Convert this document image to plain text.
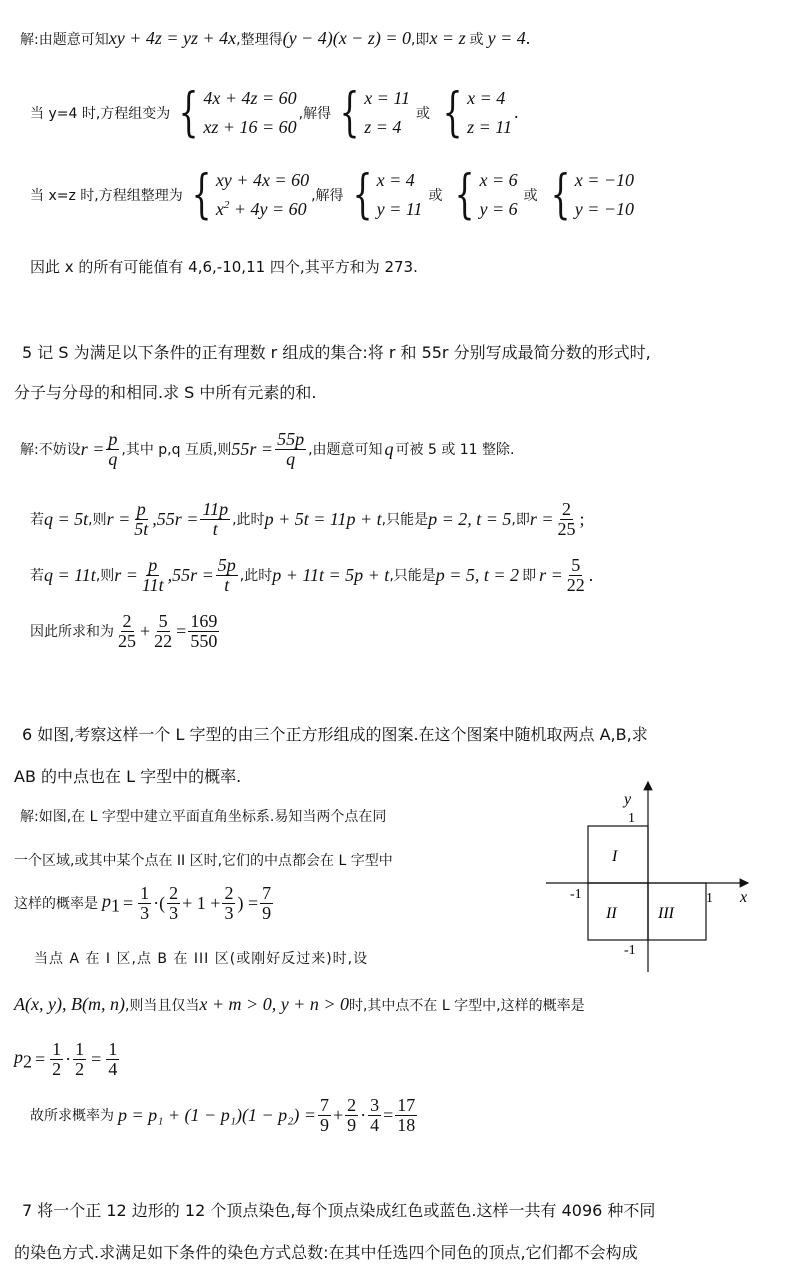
解:由题意可知 xy + 4z = yz + 4x ,整理得 (y − 4)(x − z) = 0 ,即 x = z 或 y = 4 .
当 y=4 时,方程组变为 { 4x + 4z = 60
xz + 16 = 60
,解得 { x = 11
z = 4
或 { x = 4
z = 11
.
当 x=z 时,方程组整理为 { xy + 4x = 60
$x^2 + 4y = 60$
,解得 { x = 4
y = 11
或 { x = 6
y = 6
或 { x = −10
y = −10
因此 x 的所有可能值有 4,6,-10,11 四个,其平方和为 273.
5 记 S 为满足以下条件的正有理数 r 组成的集合:将 r 和 55r 分别写成最简分数的形式时,
分子与分母的和相同.求 S 中所有元素的和.
解:不妨设 $r = \frac{p}{q}$ ,其中 p,q 互质,则 $55r = \frac{55p}{q}$ ,由题意可知 q 可被 5 或 11 整除.
若 q = 5t ,则 $r = \frac{p}{5t} ,55r = \frac{11p}{t}$ ,此时 p + 5t = 11p + t ,只能是 p = 2, t = 5 ,即 $r = \frac{2}{25}$ ;
若 q = 11t ,则 $r = \frac{p}{11t} ,55r = \frac{5p}{t}$ ,此时 p + 11t = 5p + t ,只能是 p = 5, t = 2 即 $r = \frac{5}{22}$ .
因此所求和为 $\frac{2}{25} + \frac{5}{22} = \frac{169}{550}$
6 如图,考察这样一个 L 字型的由三个正方形组成的图案.在这个图案中随机取两点 A,B,求
AB 的中点也在 L 字型中的概率.
解:如图,在 L 字型中建立平面直角坐标系.易知当两个点在同
一个区域,或其中某个点在 II 区时,它们的中点都会在 L 字型中
这样的概率是 $p_1 = \frac{1}{3}$ ·( $\frac{2}{3} + 1 + \frac{2}{3}$ ) = $\frac{7}{9}$
当点 A 在 I 区,点 B 在 III 区(或刚好反过来)时,设
A(x, y), B(m, n) ,则当且仅当 x + m > 0, y + n > 0 时,其中点不在 L 字型中,这样的概率是
$p_2 = \frac{1}{2} \cdot \frac{1}{2} = \frac{1}{4}$
故所求概率为 $p = p_1 + (1 - p_1)(1 - p_2) = \frac{7}{9} + \frac{2}{9} \cdot \frac{3}{4} = \frac{17}{18}$
y
x
1
-1
-1	1
I
II	III
7 将一个正 12 边形的 12 个顶点染色,每个顶点染成红色或蓝色.这样一共有 4096 种不同
的染色方式.求满足如下条件的染色方式总数:在其中任选四个同色的顶点,它们都不会构成
